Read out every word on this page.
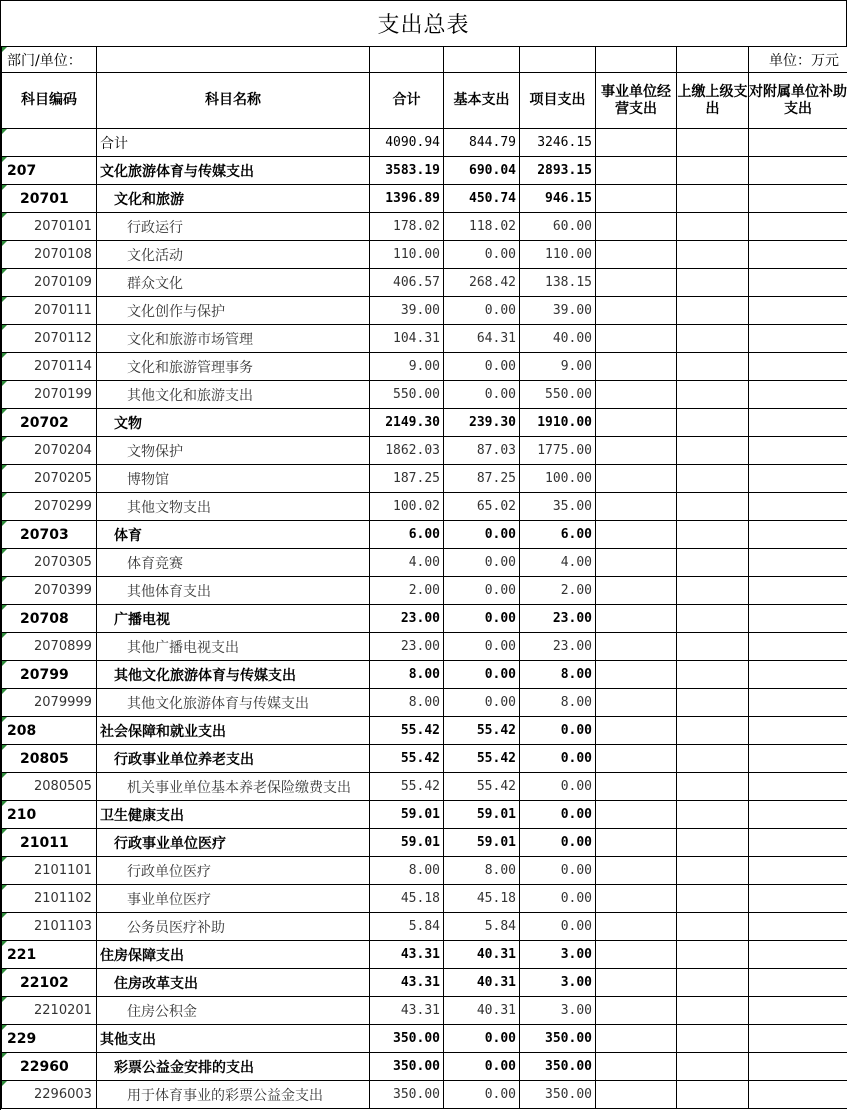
支出总表
部门/单位：							单位：万元
科目编码	科目名称	合计	基本支出	项目支出	事业单位经营支出	上缴上级支出	对附属单位补助支出
	合计	4090.94	844.79	3246.15			
207	文化旅游体育与传媒支出	3583.19	690.04	2893.15			
20701	文化和旅游	1396.89	450.74	946.15			
2070101	行政运行	178.02	118.02	60.00			
2070108	文化活动	110.00	0.00	110.00			
2070109	群众文化	406.57	268.42	138.15			
2070111	文化创作与保护	39.00	0.00	39.00			
2070112	文化和旅游市场管理	104.31	64.31	40.00			
2070114	文化和旅游管理事务	9.00	0.00	9.00			
2070199	其他文化和旅游支出	550.00	0.00	550.00			
20702	文物	2149.30	239.30	1910.00			
2070204	文物保护	1862.03	87.03	1775.00			
2070205	博物馆	187.25	87.25	100.00			
2070299	其他文物支出	100.02	65.02	35.00			
20703	体育	6.00	0.00	6.00			
2070305	体育竞赛	4.00	0.00	4.00			
2070399	其他体育支出	2.00	0.00	2.00			
20708	广播电视	23.00	0.00	23.00			
2070899	其他广播电视支出	23.00	0.00	23.00			
20799	其他文化旅游体育与传媒支出	8.00	0.00	8.00			
2079999	其他文化旅游体育与传媒支出	8.00	0.00	8.00			
208	社会保障和就业支出	55.42	55.42	0.00			
20805	行政事业单位养老支出	55.42	55.42	0.00			
2080505	机关事业单位基本养老保险缴费支出	55.42	55.42	0.00			
210	卫生健康支出	59.01	59.01	0.00			
21011	行政事业单位医疗	59.01	59.01	0.00			
2101101	行政单位医疗	8.00	8.00	0.00			
2101102	事业单位医疗	45.18	45.18	0.00			
2101103	公务员医疗补助	5.84	5.84	0.00			
221	住房保障支出	43.31	40.31	3.00			
22102	住房改革支出	43.31	40.31	3.00			
2210201	住房公积金	43.31	40.31	3.00			
229	其他支出	350.00	0.00	350.00			
22960	彩票公益金安排的支出	350.00	0.00	350.00			
2296003	用于体育事业的彩票公益金支出	350.00	0.00	350.00			
